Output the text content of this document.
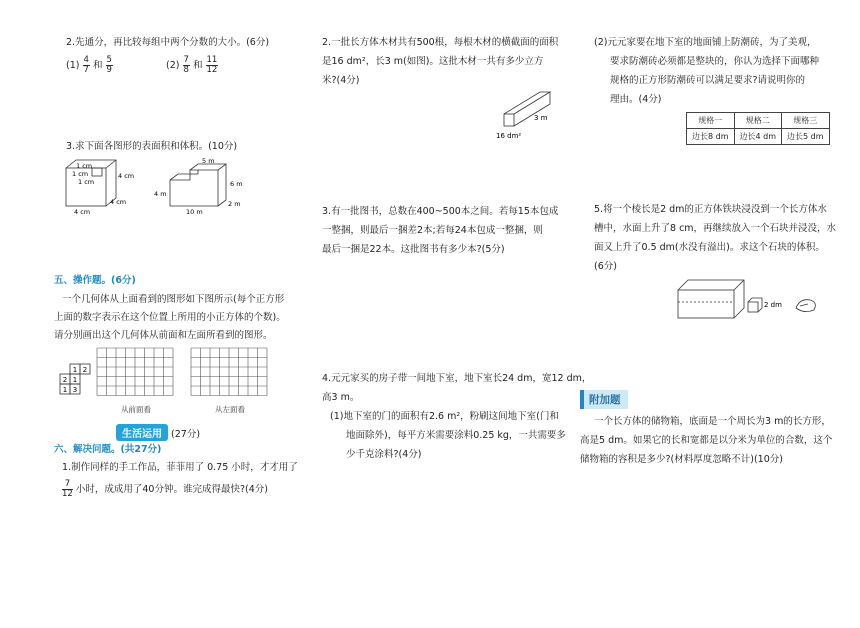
2.先通分，再比较每组中两个分数的大小。(6分)
$(1) \frac{4}{7}$ 和 $\frac{5}{9}$	$(2) \frac{7}{8}$ 和 $\frac{11}{12}$
3.求下面各图形的表面积和体积。(10分)
1 cm
1 cm
1 cm
4 cm
4 cm
4 cm
5 m
6 m
4 m
10 m
2 m
五、操作题。(6分)
一个几何体从上面看到的图形如下图所示(每个正方形
上面的数字表示在这个位置上所用的小正方体的个数)。
请分别画出这个几何体从前面和左面所看到的图形。
1 2
2 1
1 3
从前面看	从左面看
生活运用 (27分)
六、解决问题。(共27分)
1.制作同样的手工作品，菲菲用了 0.75 小时，才才用了
$\frac{7}{12}$ 小时，成成用了40分钟。谁完成得最快?(4分)
2.一批长方体木材共有500根，每根木材的横截面的面积
是16 dm²，长3 m(如图)。这批木材一共有多少立方
米?(4分)
3 m
16 dm²
3.有一批图书，总数在400~500本之间。若每15本包成
一整捆，则最后一捆差2本;若每24本包成一整捆，则
最后一捆是22本。这批图书有多少本?(5分)
4.元元家买的房子带一间地下室，地下室长24 dm，宽12 dm，
高3 m。
(1)地下室的门的面积有2.6 m²，粉刷这间地下室(门和
地面除外)，每平方米需要涂料0.25 kg，一共需要多
少千克涂料?(4分)
(2)元元家要在地下室的地面铺上防潮砖，为了美观，
要求防潮砖必须都是整块的，你认为选择下面哪种
规格的正方形防潮砖可以满足要求?请说明你的
理由。(4分)
规格一	规格二	规格三
边长8 dm	边长4 dm	边长5 dm
5.将一个棱长是2 dm的正方体铁块浸没到一个长方体水
槽中，水面上升了8 cm，再继续放入一个石块并浸没，水
面又上升了0.5 dm(水没有溢出)。求这个石块的体积。
(6分)
2 dm
附加题
一个长方体的储物箱，底面是一个周长为3 m的长方形，
高是5 dm。如果它的长和宽都是以分米为单位的合数，这个
储物箱的容积是多少?(材料厚度忽略不计)(10分)
